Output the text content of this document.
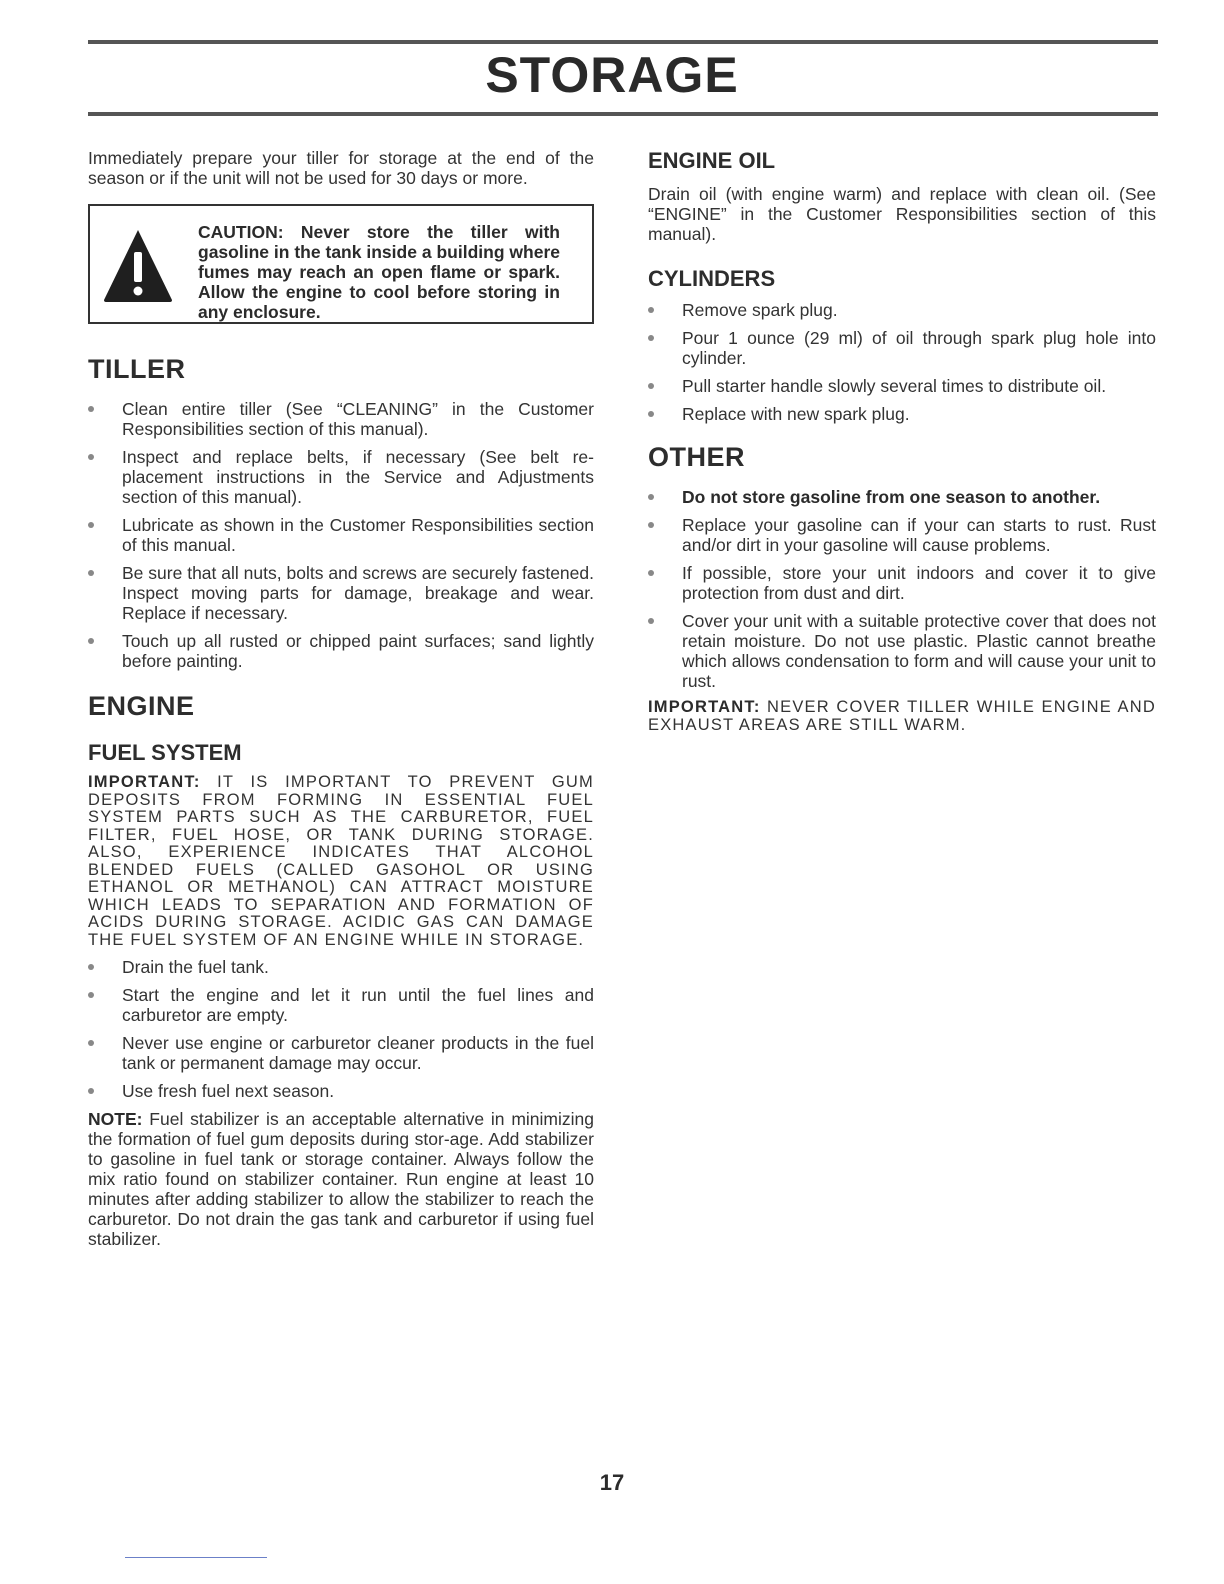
STORAGE

Immediately prepare your tiller for storage at the end of the season or if the unit will not be used for 30 days or more.

CAUTION: Never store the tiller with gasoline in the tank inside a building where fumes may reach an open flame or spark. Allow the engine to cool before storing in any enclosure.

TILLER
Clean entire tiller (See “CLEANING” in the Customer Responsibilities section of this manual).
Inspect and replace belts, if necessary (See belt re-placement instructions in the Service and Adjustments section of this manual).
Lubricate as shown in the Customer Responsibilities section of this manual.
Be sure that all nuts, bolts and screws are securely fastened. Inspect moving parts for damage, breakage and wear. Replace if necessary.
Touch up all rusted or chipped paint surfaces; sand lightly before painting.
ENGINE
FUEL SYSTEM

IMPORTANT: IT IS IMPORTANT TO PREVENT GUM DEPOSITS FROM FORMING IN ESSENTIAL FUEL SYSTEM PARTS SUCH AS THE CARBURETOR, FUEL FILTER, FUEL HOSE, OR TANK DURING STORAGE. ALSO, EXPERIENCE INDICATES THAT ALCOHOL BLENDED FUELS (CALLED GASOHOL OR USING ETHANOL OR METHANOL) CAN ATTRACT MOISTURE WHICH LEADS TO SEPARATION AND FORMATION OF ACIDS DURING STORAGE. ACIDIC GAS CAN DAMAGE THE FUEL SYSTEM OF AN ENGINE WHILE IN STORAGE.

Drain the fuel tank.
Start the engine and let it run until the fuel lines and carburetor are empty.
Never use engine or carburetor cleaner products in the fuel tank or permanent damage may occur.
Use fresh fuel next season.

NOTE: Fuel stabilizer is an acceptable alternative in minimizing the formation of fuel gum deposits during stor-age. Add stabilizer to gasoline in fuel tank or storage container. Always follow the mix ratio found on stabilizer container. Run engine at least 10 minutes after adding stabilizer to allow the stabilizer to reach the carburetor. Do not drain the gas tank and carburetor if using fuel stabilizer.

ENGINE OIL

Drain oil (with engine warm) and replace with clean oil. (See “ENGINE” in the Customer Responsibilities section of this manual).

CYLINDERS
Remove spark plug.
Pour 1 ounce (29 ml) of oil through spark plug hole into cylinder.
Pull starter handle slowly several times to distribute oil.
Replace with new spark plug.
OTHER
Do not store gasoline from one season to another.
Replace your gasoline can if your can starts to rust. Rust and/or dirt in your gasoline will cause problems.
If possible, store your unit indoors and cover it to give protection from dust and dirt.
Cover your unit with a suitable protective cover that does not retain moisture. Do not use plastic. Plastic cannot breathe which allows condensation to form and will cause your unit to rust.

IMPORTANT: NEVER COVER TILLER WHILE ENGINE AND EXHAUST AREAS ARE STILL WARM.

17
